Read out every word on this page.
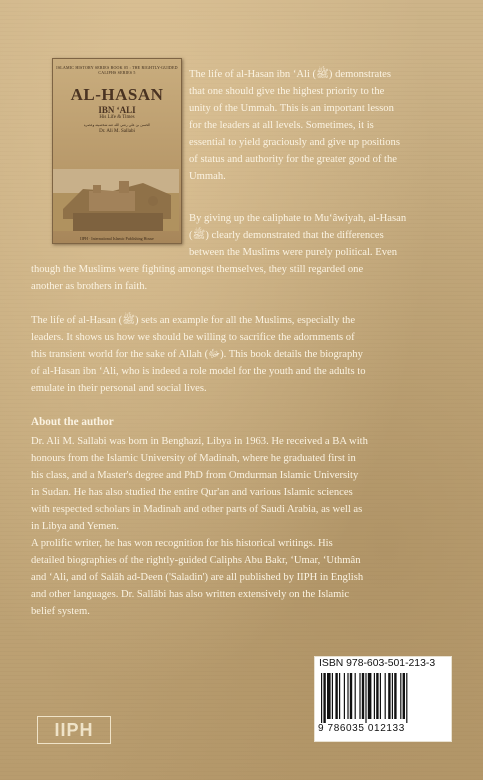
ISLAMIC HISTORY SERIES BOOK 05 : THE RIGHTLY-GUIDED CALIPHS SERIES 5
AL-HASAN
IBN ʻALI
His Life & Times
الحسن بن علي رضي الله عنه شخصيته وعصره
Dr. Ali M. Sallabi
IIPH · International Islamic Publishing House
The life of al-Hasan ibn ʻAli (ﷺ) demonstrates
that one should give the highest priority to the
unity of the Ummah. This is an important lesson
for the leaders at all levels. Sometimes, it is
essential to yield graciously and give up positions
of status and authority for the greater good of the
Ummah.
By giving up the caliphate to Muʻâwiyah, al-Hasan
(ﷺ) clearly demonstrated that the differences
between the Muslims were purely political. Even
though the Muslims were fighting amongst themselves, they still regarded one
another as brothers in faith.
The life of al-Hasan (ﷺ) sets an example for all the Muslims, especially the
leaders. It shows us how we should be willing to sacrifice the adornments of
this transient world for the sake of Allah (ﷻ). This book details the biography
of al-Hasan ibn ʻAli, who is indeed a role model for the youth and the adults to
emulate in their personal and social lives.
About the author
Dr. Ali M. Sallabi was born in Benghazi, Libya in 1963. He received a BA with
honours from the Islamic University of Madinah, where he graduated first in
his class, and a Master's degree and PhD from Omdurman Islamic University
in Sudan. He has also studied the entire Qur'an and various Islamic sciences
with respected scholars in Madinah and other parts of Saudi Arabia, as well as
in Libya and Yemen.
A prolific writer, he has won recognition for his historical writings. His
detailed biographies of the rightly-guided Caliphs Abu Bakr, ʻUmar, ʻUthmân
and ʻAli, and of Salâh ad-Deen ('Saladin') are all published by IIPH in English
and other languages. Dr. Sallâbi has also written extensively on the Islamic
belief system.
IIPH
ISBN 978-603-501-213-3
9 786035 012133
